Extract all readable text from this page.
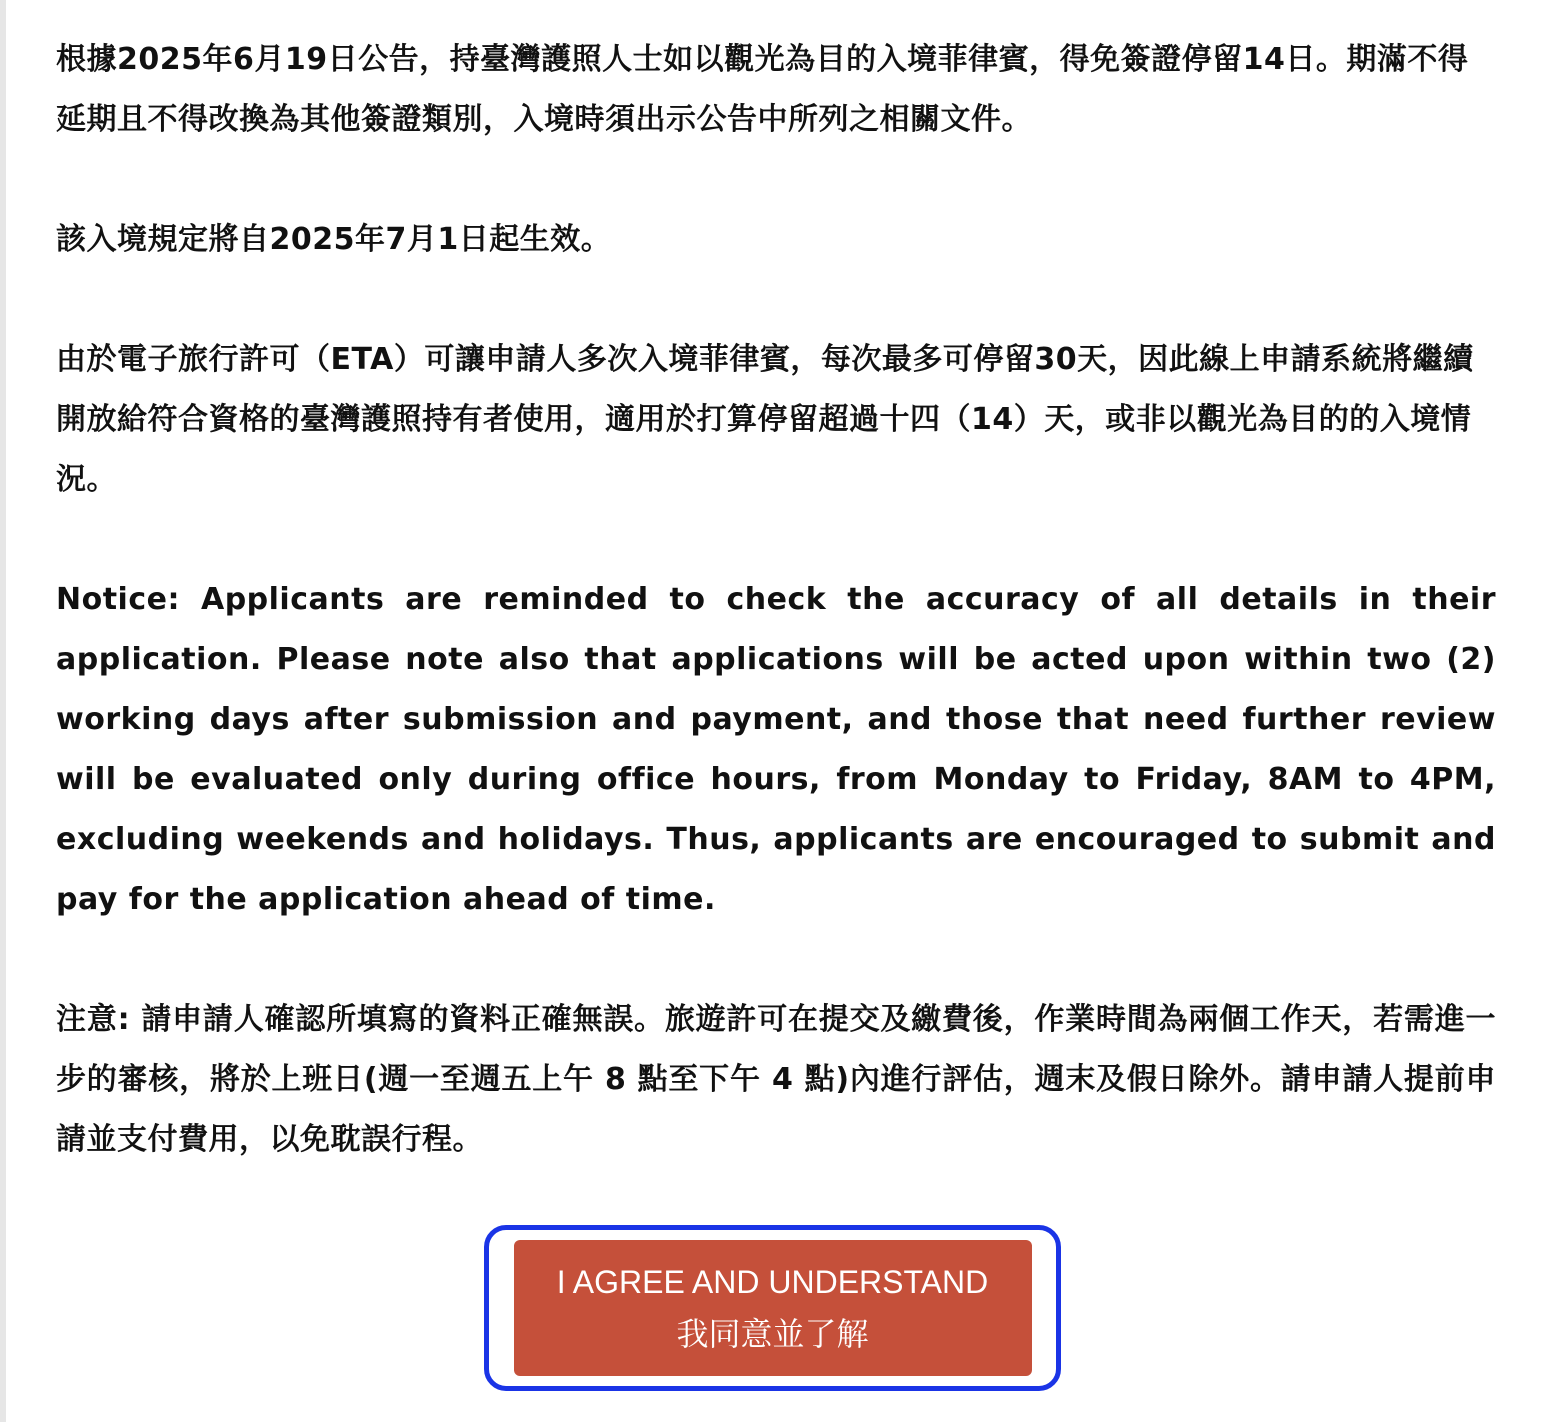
根據2025年6月19日公告，持臺灣護照人士如以觀光為目的入境菲律賓，得免簽證停留14日。期滿不得延期且不得改換為其他簽證類別，入境時須出示公告中所列之相關文件。

該入境規定將自2025年7月1日起生效。

由於電子旅行許可（ETA）可讓申請人多次入境菲律賓，每次最多可停留30天，因此線上申請系統將繼續開放給符合資格的臺灣護照持有者使用，適用於打算停留超過十四（14）天，或非以觀光為目的的入境情況。

Notice: Applicants are reminded to check the accuracy of all details in their application. Please note also that applications will be acted upon within two (2) working days after submission and payment, and those that need further review will be evaluated only during office hours, from Monday to Friday, 8AM to 4PM, excluding weekends and holidays. Thus, applicants are encouraged to submit and pay for the application ahead of time.

注意: 請申請人確認所填寫的資料正確無誤。旅遊許可在提交及繳費後，作業時間為兩個工作天，若需進一步的審核，將於上班日(週一至週五上午 8 點至下午 4 點)內進行評估，週末及假日除外。請申請人提前申請並支付費用，以免耽誤行程。

I AGREE AND UNDERSTAND
我同意並了解
